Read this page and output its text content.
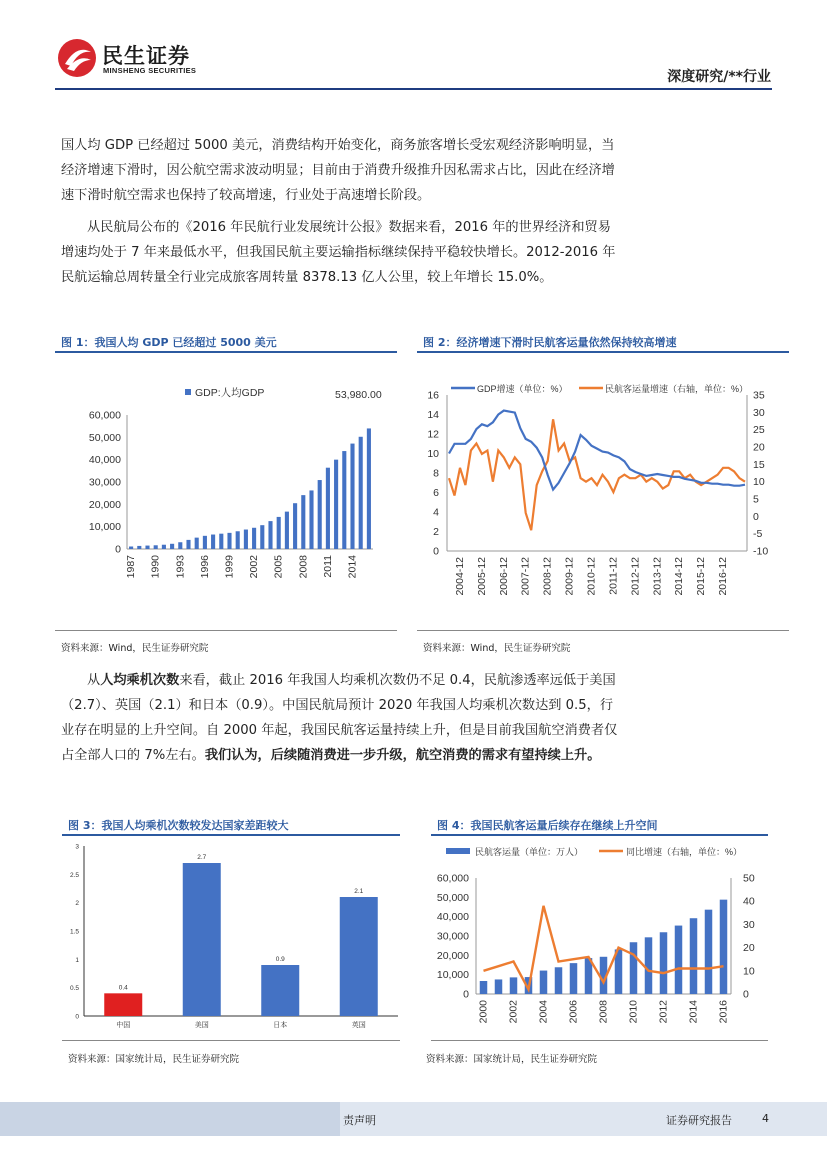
民生证券
MINSHENG SECURITIES	深度研究/**行业
国人均 GDP 已经超过 5000 美元，消费结构开始变化，商务旅客增长受宏观经济影响明显，当经济增速下滑时，因公航空需求波动明显；目前由于消费升级推升因私需求占比，因此在经济增速下滑时航空需求也保持了较高增速，行业处于高速增长阶段。
从民航局公布的《2016 年民航行业发展统计公报》数据来看，2016 年的世界经济和贸易增速均处于 7 年来最低水平，但我国民航主要运输指标继续保持平稳较快增长。2012-2016 年民航运输总周转量全行业完成旅客周转量 8378.13 亿人公里，较上年增长 15.0%。
图 1：我国人均 GDP 已经超过 5000 美元	图 2：经济增速下滑时民航客运量依然保持较高增速
0
10,000
20,000
30,000
40,000
50,000
60,000
1987 1990 1993 1996 1999 2002 2005 2008 2011 2014
GDP:人均GDP	53,980.00
0
2
4
6
8
10
12
14
16
-10
-5
0
5
10
15
20
25
30
35
2004-12 2005-12 2006-12 2007-12 2008-12 2009-12 2010-12 2011-12 2012-12 2013-12 2014-12 2015-12 2016-12
GDP增速（单位：%）	民航客运量增速（右轴，单位：%）
资料来源：Wind，民生证券研究院	资料来源：Wind，民生证券研究院
从人均乘机次数来看，截止 2016 年我国人均乘机次数仍不足 0.4，民航渗透率远低于美国（2.7）、英国（2.1）和日本（0.9）。中国民航局预计 2020 年我国人均乘机次数达到 0.5，行业存在明显的上升空间。自 2000 年起，我国民航客运量持续上升，但是目前我国航空消费者仅占全部人口的 7%左右。我们认为，后续随消费进一步升级，航空消费的需求有望持续上升。
图 3：我国人均乘机次数较发达国家差距较大	图 4：我国民航客运量后续存在继续上升空间
0
0.5
1
1.5
2
2.5
3
0.4
中国
2.7
美国
0.9
日本
2.1
英国
0
10,000
20,000
30,000
40,000
50,000
60,000
0
10
20
30
40
50
2000 2002 2004 2006 2008 2010 2012 2014 2016
民航客运量（单位：万人）	同比增速（右轴，单位：%）
资料来源：国家统计局，民生证券研究院	资料来源：国家统计局，民生证券研究院
责声明	证券研究报告	4
